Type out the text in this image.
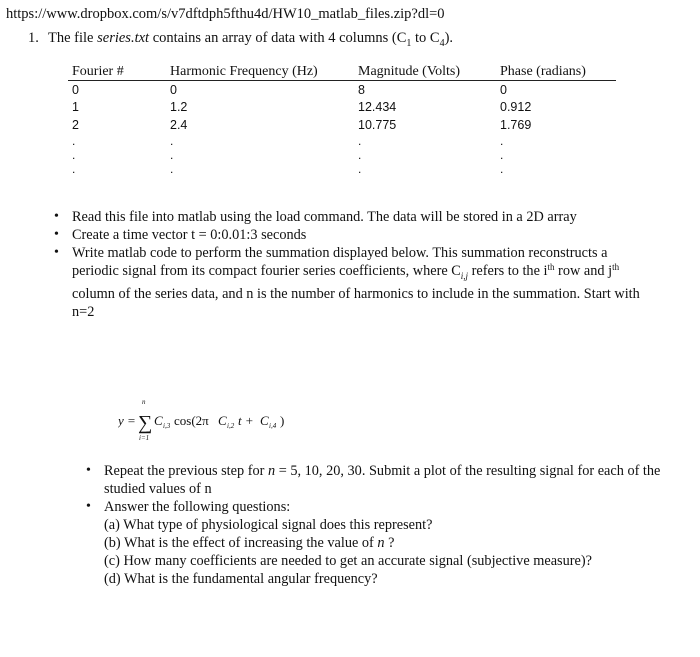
https://www.dropbox.com/s/v7dftdph5fthu4d/HW10_matlab_files.zip?dl=0
1. The file series.txt contains an array of data with 4 columns ($C_1$ to $C_4$).
Fourier #	Harmonic Frequency (Hz)	Magnitude (Volts)	Phase (radians)
0	0	8	0
1	1.2	12.434	0.912
2	2.4	10.775	1.769
.	.	.	.
.	.	.	.
.	.	.	.
• Read this file into matlab using the load command. The data will be stored in a 2D array
• Create a time vector t = 0:0.01:3 seconds
• Write matlab code to perform the summation displayed below. This summation reconstructs a periodic signal from its compact fourier series coefficients, where $C_{i,j}$ refers to the $i^{th}$ row and $j^{th}$ column of the series data, and n is the number of harmonics to include in the summation. Start with n=2
y =
n
∑
i=1
C i,3 cos(2π C i,2 t + C i,4 )
• Repeat the previous step for n = 5, 10, 20, 30. Submit a plot of the resulting signal for each of the studied values of n
• Answer the following questions:
(a) What type of physiological signal does this represent?
(b) What is the effect of increasing the value of n ?
(c) How many coefficients are needed to get an accurate signal (subjective measure)?
(d) What is the fundamental angular frequency?
